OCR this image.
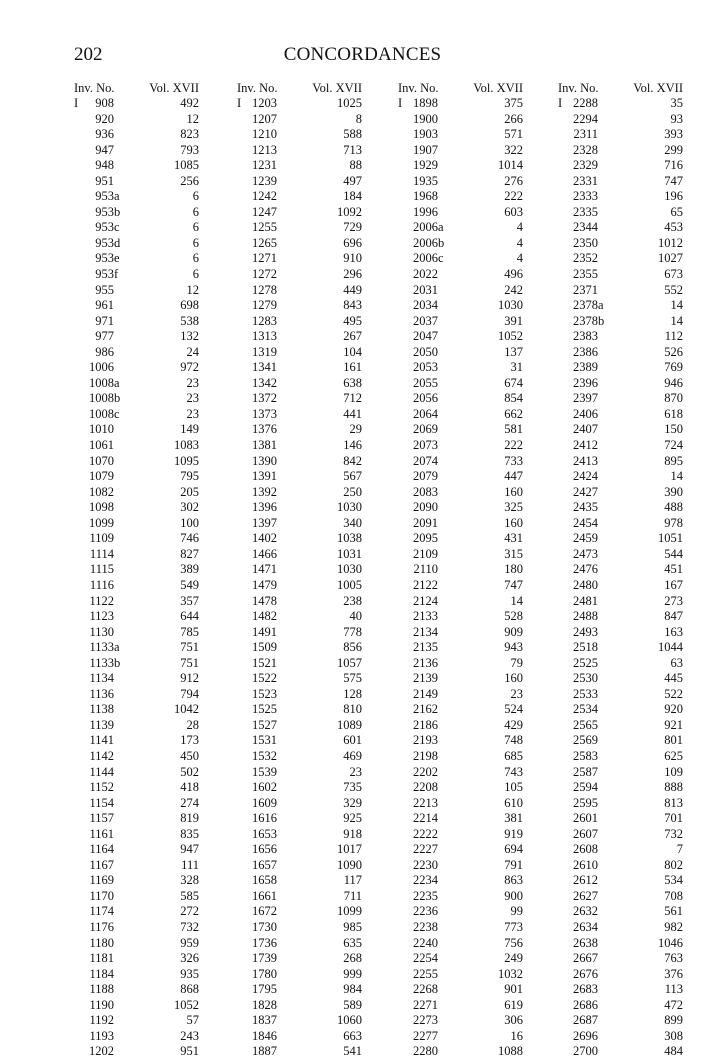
202	CONCORDANCES
Inv. No.	Vol. XVII
I	908	492
920	12
936	823
947	793
948	1085
951	256
953a	6
953b	6
953c	6
953d	6
953e	6
953f	6
955	12
961	698
971	538
977	132
986	24
1006	972
1008a	23
1008b	23
1008c	23
1010	149
1061	1083
1070	1095
1079	795
1082	205
1098	302
1099	100
1109	746
1114	827
1115	389
1116	549
1122	357
1123	644
1130	785
1133a	751
1133b	751
1134	912
1136	794
1138	1042
1139	28
1141	173
1142	450
1144	502
1152	418
1154	274
1157	819
1161	835
1164	947
1167	111
1169	328
1170	585
1174	272
1176	732
1180	959
1181	326
1184	935
1188	868
1190	1052
1192	57
1193	243
1202	951
Inv. No.	Vol. XVII
I 1203	1025
1207	8
1210	588
1213	713
1231	88
1239	497
1242	184
1247	1092
1255	729
1265	696
1271	910
1272	296
1278	449
1279	843
1283	495
1313	267
1319	104
1341	161
1342	638
1372	712
1373	441
1376	29
1381	146
1390	842
1391	567
1392	250
1396	1030
1397	340
1402	1038
1466	1031
1471	1030
1479	1005
1478	238
1482	40
1491	778
1509	856
1521	1057
1522	575
1523	128
1525	810
1527	1089
1531	601
1532	469
1539	23
1602	735
1609	329
1616	925
1653	918
1656	1017
1657	1090
1658	117
1661	711
1672	1099
1730	985
1736	635
1739	268
1780	999
1795	984
1828	589
1837	1060
1846	663
1887	541
Inv. No.	Vol. XVII
I 1898	375
1900	266
1903	571
1907	322
1929	1014
1935	276
1968	222
1996	603
2006a	4
2006b	4
2006c	4
2022	496
2031	242
2034	1030
2037	391
2047	1052
2050	137
2053	31
2055	674
2056	854
2064	662
2069	581
2073	222
2074	733
2079	447
2083	160
2090	325
2091	160
2095	431
2109	315
2110	180
2122	747
2124	14
2133	528
2134	909
2135	943
2136	79
2139	160
2149	23
2162	524
2186	429
2193	748
2198	685
2202	743
2208	105
2213	610
2214	381
2222	919
2227	694
2230	791
2234	863
2235	900
2236	99
2238	773
2240	756
2254	249
2255	1032
2268	901
2271	619
2273	306
2277	16
2280	1088
Inv. No.	Vol. XVII
I 2288	35
2294	93
2311	393
2328	299
2329	716
2331	747
2333	196
2335	65
2344	453
2350	1012
2352	1027
2355	673
2371	552
2378a	14
2378b	14
2383	112
2386	526
2389	769
2396	946
2397	870
2406	618
2407	150
2412	724
2413	895
2424	14
2427	390
2435	488
2454	978
2459	1051
2473	544
2476	451
2480	167
2481	273
2488	847
2493	163
2518	1044
2525	63
2530	445
2533	522
2534	920
2565	921
2569	801
2583	625
2587	109
2594	888
2595	813
2601	701
2607	732
2608	7
2610	802
2612	534
2627	708
2632	561
2634	982
2638	1046
2667	763
2676	376
2683	113
2686	472
2687	899
2696	308
2700	484
